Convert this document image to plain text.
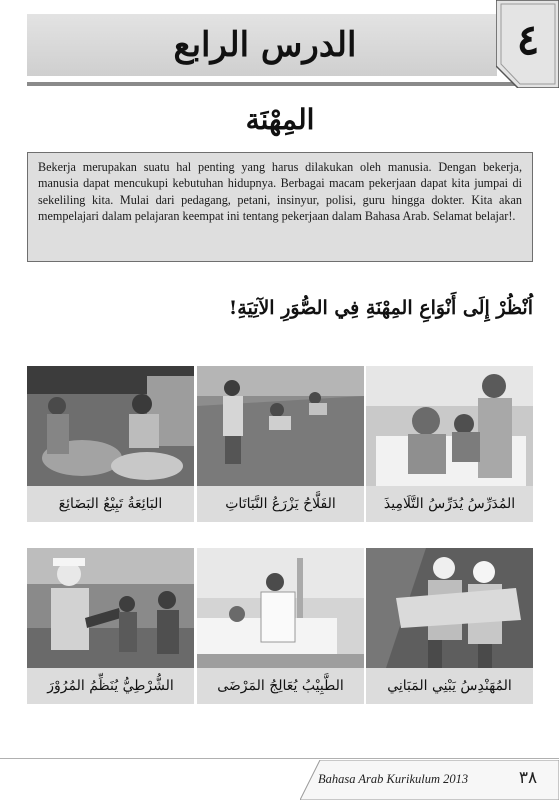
الدرس الرابع	٤
المِهْنَة
Bekerja merupakan suatu hal penting yang harus dilakukan oleh manusia. Dengan bekerja, manusia dapat mencukupi kebutuhan hidupnya. Berbagai macam pekerjaan dapat kita jumpai di sekeliling kita. Mulai dari pedagang, petani, insinyur, polisi, guru hingga dokter. Kita akan mempelajari dalam pelajaran keempat ini tentang pekerjaan dalam Bahasa Arab. Selamat belajar!.
اُنْظُرْ إِلَى أَنْوَاعِ المِهْنَةِ فِي الصُّوَرِ الآتِيَةِ!
المُدَرِّسُ يُدَرِّسُ التَّلَامِيذَ
الفَلَّاحُ يَزْرَعُ النَّبَاتَاتِ
البَائِعَةُ تَبِيْعُ البَضَائِعَ
المُهَنْدِسُ يَبْنِي المَبَانِي
الطَّبِيْبُ يُعَالِجُ المَرْضَى
الشُّرْطِيُّ يُنَظِّمُ المُرُوْرَ
Bahasa Arab Kurikulum 2013	٣٨
